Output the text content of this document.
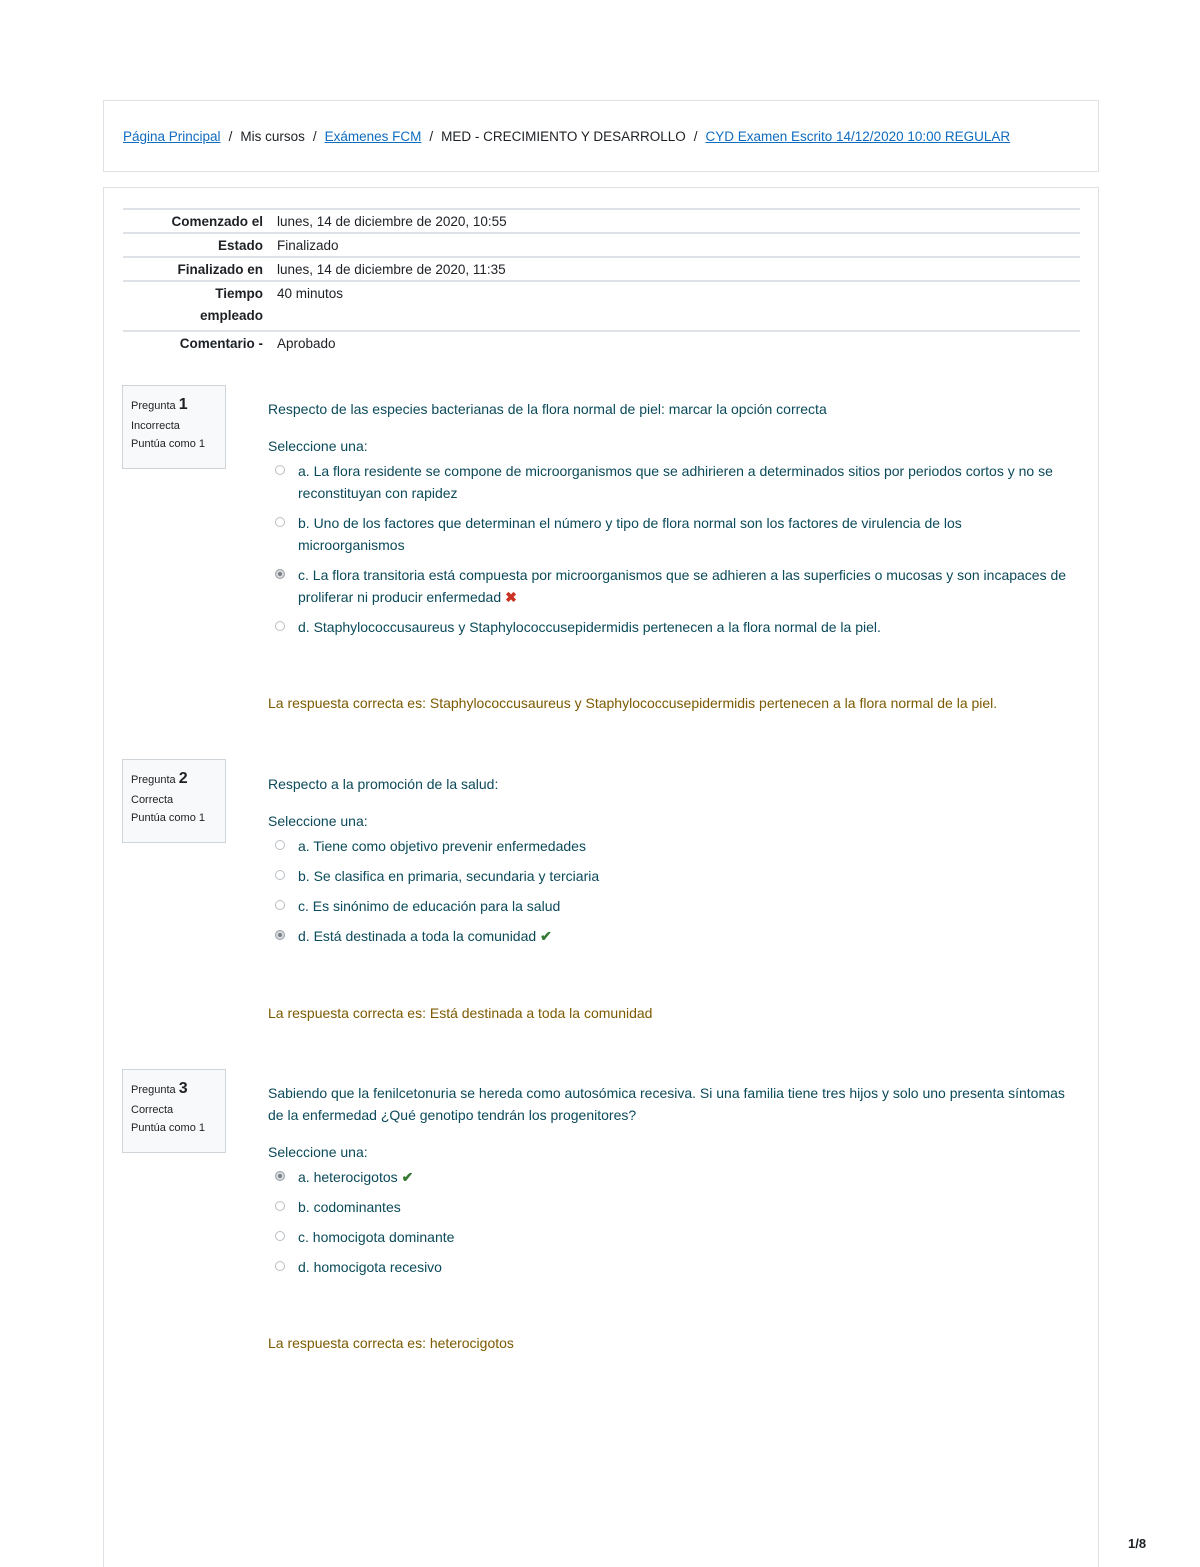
Página Principal / Mis cursos / Exámenes FCM / MED - CRECIMIENTO Y DESARROLLO / CYD Examen Escrito 14/12/2020 10:00 REGULAR
Comenzado el	lunes, 14 de diciembre de 2020, 10:55
Estado	Finalizado
Finalizado en	lunes, 14 de diciembre de 2020, 11:35
Tiempo
empleado	40 minutos
Comentario -	Aprobado
Pregunta 1
Incorrecta
Puntúa como 1
Respecto de las especies bacterianas de la flora normal de piel: marcar la opción correcta
Seleccione una:
a. La flora residente se compone de microorganismos que se adhirieren a determinados sitios por periodos cortos y no se reconstituyan con rapidez
b. Uno de los factores que determinan el número y tipo de flora normal son los factores de virulencia de los microorganismos
c. La flora transitoria está compuesta por microorganismos que se adhieren a las superficies o mucosas y son incapaces de proliferar ni producir enfermedad ✖
d. Staphylococcusaureus y Staphylococcusepidermidis pertenecen a la flora normal de la piel.
La respuesta correcta es: Staphylococcusaureus y Staphylococcusepidermidis pertenecen a la flora normal de la piel.
Pregunta 2
Correcta
Puntúa como 1
Respecto a la promoción de la salud:
Seleccione una:
a. Tiene como objetivo prevenir enfermedades
b. Se clasifica en primaria, secundaria y terciaria
c. Es sinónimo de educación para la salud
d. Está destinada a toda la comunidad ✔
La respuesta correcta es: Está destinada a toda la comunidad
Pregunta 3
Correcta
Puntúa como 1
Sabiendo que la fenilcetonuria se hereda como autosómica recesiva. Si una familia tiene tres hijos y solo uno presenta síntomas de la enfermedad ¿Qué genotipo tendrán los progenitores?
Seleccione una:
a. heterocigotos ✔
b. codominantes
c. homocigota dominante
d. homocigota recesivo
La respuesta correcta es: heterocigotos
1/8
